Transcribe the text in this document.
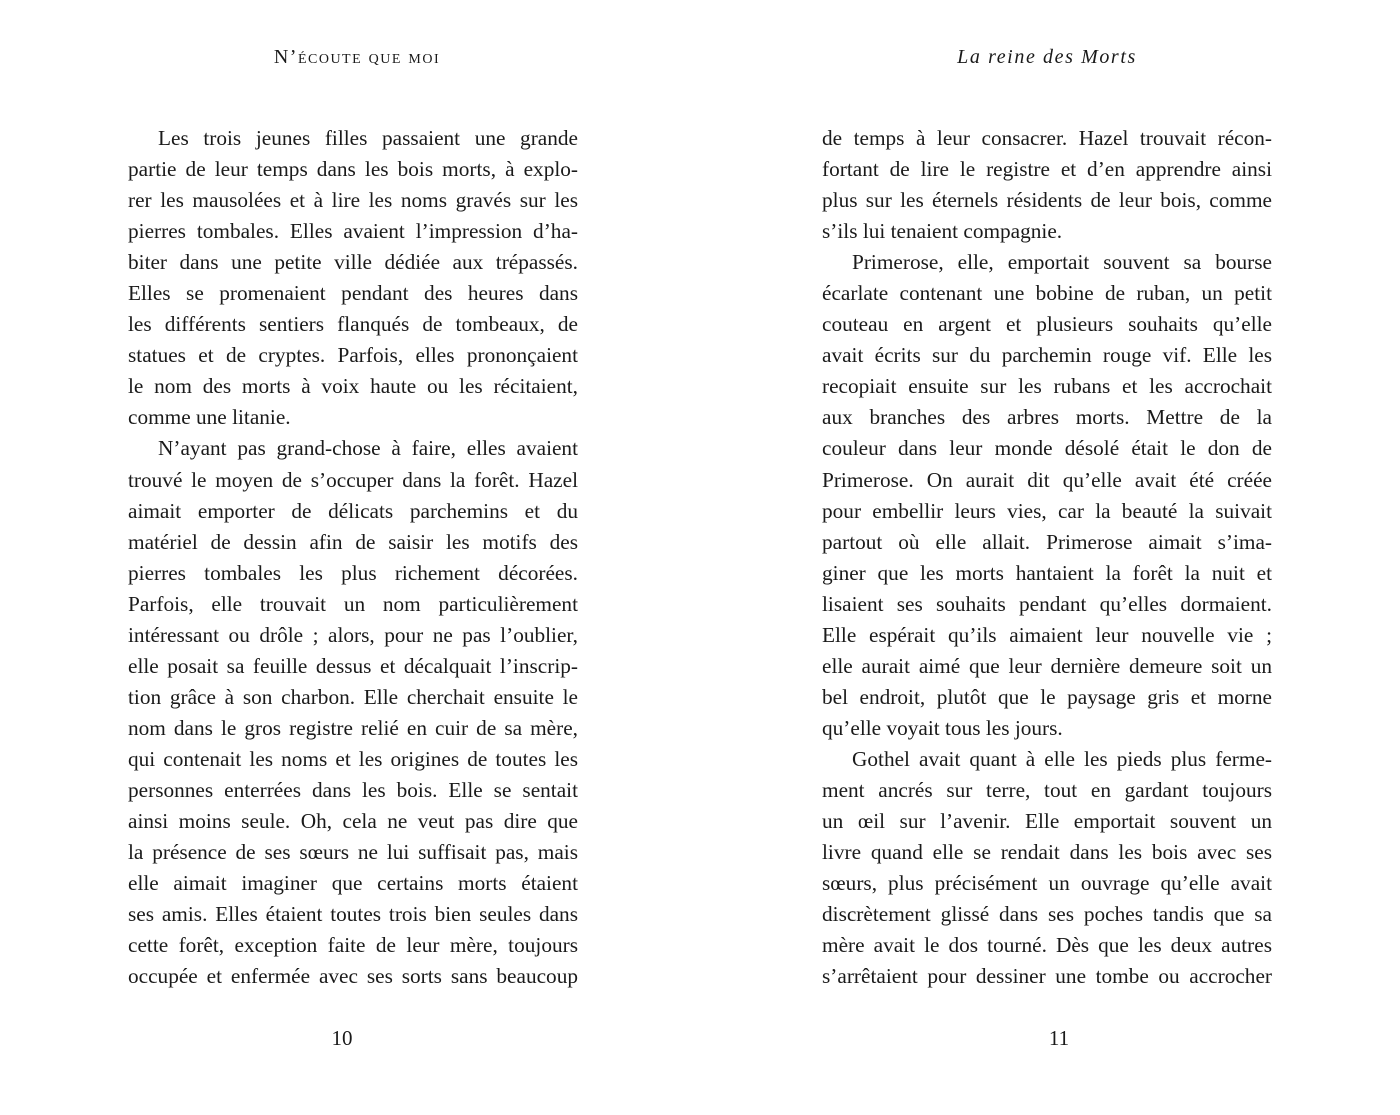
N’écoute que moi
Les trois jeunes filles passaient une grande
partie de leur temps dans les bois morts, à explo-
rer les mausolées et à lire les noms gravés sur les
pierres tombales. Elles avaient l’impression d’ha-
biter dans une petite ville dédiée aux trépassés.
Elles se promenaient pendant des heures dans
les différents sentiers flanqués de tombeaux, de
statues et de cryptes. Parfois, elles prononçaient
le nom des morts à voix haute ou les récitaient,
comme une litanie.
N’ayant pas grand-chose à faire, elles avaient
trouvé le moyen de s’occuper dans la forêt. Hazel
aimait emporter de délicats parchemins et du
matériel de dessin afin de saisir les motifs des
pierres tombales les plus richement décorées.
Parfois, elle trouvait un nom particulièrement
intéressant ou drôle ; alors, pour ne pas l’oublier,
elle posait sa feuille dessus et décalquait l’inscrip-
tion grâce à son charbon. Elle cherchait ensuite le
nom dans le gros registre relié en cuir de sa mère,
qui contenait les noms et les origines de toutes les
personnes enterrées dans les bois. Elle se sentait
ainsi moins seule. Oh, cela ne veut pas dire que
la présence de ses sœurs ne lui suffisait pas, mais
elle aimait imaginer que certains morts étaient
ses amis. Elles étaient toutes trois bien seules dans
cette forêt, exception faite de leur mère, toujours
occupée et enfermée avec ses sorts sans beaucoup
10
La reine des Morts
de temps à leur consacrer. Hazel trouvait récon-
fortant de lire le registre et d’en apprendre ainsi
plus sur les éternels résidents de leur bois, comme
s’ils lui tenaient compagnie.
Primerose, elle, emportait souvent sa bourse
écarlate contenant une bobine de ruban, un petit
couteau en argent et plusieurs souhaits qu’elle
avait écrits sur du parchemin rouge vif. Elle les
recopiait ensuite sur les rubans et les accrochait
aux branches des arbres morts. Mettre de la
couleur dans leur monde désolé était le don de
Primerose. On aurait dit qu’elle avait été créée
pour embellir leurs vies, car la beauté la suivait
partout où elle allait. Primerose aimait s’ima-
giner que les morts hantaient la forêt la nuit et
lisaient ses souhaits pendant qu’elles dormaient.
Elle espérait qu’ils aimaient leur nouvelle vie ;
elle aurait aimé que leur dernière demeure soit un
bel endroit, plutôt que le paysage gris et morne
qu’elle voyait tous les jours.
Gothel avait quant à elle les pieds plus ferme-
ment ancrés sur terre, tout en gardant toujours
un œil sur l’avenir. Elle emportait souvent un
livre quand elle se rendait dans les bois avec ses
sœurs, plus précisément un ouvrage qu’elle avait
discrètement glissé dans ses poches tandis que sa
mère avait le dos tourné. Dès que les deux autres
s’arrêtaient pour dessiner une tombe ou accrocher
11
